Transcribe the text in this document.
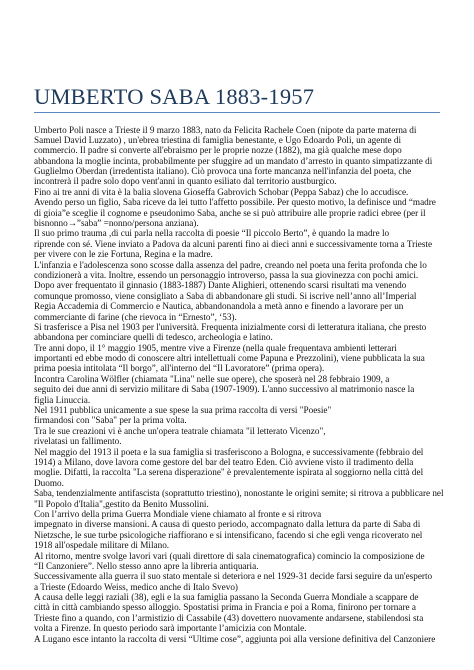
UMBERTO SABA 1883-1957
Umberto Poli nasce a Trieste il 9 marzo 1883, nato da Felicita Rachele Coen (nipote da parte materna di
Samuel David Luzzato) , un'ebrea triestina di famiglia benestante, e Ugo Edoardo Poli, un agente di
commercio. Il padre si converte all'ebraismo per le proprie nozze (1882), ma già qualche mese dopo
abbandona la moglie incinta, probabilmente per sfuggire ad un mandato d’arresto in quanto simpatizzante di
Guglielmo Oberdan (irredentista italiano). Ciò provoca una forte mancanza nell'infanzia del poeta, che
incontrerà il padre solo dopo vent'anni in quanto esiliato dal territorio austburgico.
Fino ai tre anni di vita è la balia slovena Gioseffa Gabrovich Schobar (Peppa Sabaz) che lo accudisce.
Avendo perso un figlio, Saba riceve da lei tutto l'affetto possibile. Per questo motivo, la definisce und “madre
di gioia”e sceglie il cognome e pseudonimo Saba, anche se si può attribuire alle proprie radici ebree (per il
bisnonno→”saba” =nonno/persona anziana).
Il suo primo trauma ,di cui parla nella raccolta di poesie “Il piccolo Berto”, è quando la madre lo
riprende con sé. Viene inviato a Padova da alcuni parenti fino ai dieci anni e successivamente torna a Trieste
per vivere con le zie Fortuna, Regina e la madre.
L'infanzia e l'adolescenza sono scosse dalla assenza del padre, creando nel poeta una ferita profonda che lo
condizionerà a vita. Inoltre, essendo un personaggio introverso, passa la sua giovinezza con pochi amici.
Dopo aver frequentato il ginnasio (1883-1887) Dante Alighieri, ottenendo scarsi risultati ma venendo
comunque promosso, viene consigliato a Saba di abbandonare gli studi. Si iscrive nell’anno all’Imperial
Regia Accademia di Commercio e Nautica, abbandonandola a metà anno e finendo a lavorare per un
commerciante di farine (che rievoca in “Ernesto”, ‘53).
Si trasferisce a Pisa nel 1903 per l'università. Frequenta inizialmente corsi di letteratura italiana, che presto
abbandona per cominciare quelli di tedesco, archeologia e latino.
Tre anni dopo, il 1° maggio 1905, mentre vive a Firenze (nella quale frequentava ambienti letterari
importanti ed ebbe modo di conoscere altri intellettuali come Papuna e Prezzolini), viene pubblicata la sua
prima poesia intitolata “Il borgo”, all'interno del “Il Lavoratore” (prima opera).
Incontra Carolina Wölfler (chiamata "Lina" nelle sue opere), che sposerà nel 28 febbraio 1909, a
seguito dei due anni di servizio militare di Saba (1907-1909). L'anno successivo al matrimonio nasce la
figlia Linuccia.
Nel 1911 pubblica unicamente a sue spese la sua prima raccolta di versi "Poesie"
firmandosi con "Saba" per la prima volta.
Tra le sue creazioni vi è anche un'opera teatrale chiamata "il letterato Vicenzo",
rivelatasi un fallimento.
Nel maggio del 1913 il poeta e la sua famiglia si trasferiscono a Bologna, e successivamente (febbraio del
1914) a Milano, dove lavora come gestore del bar del teatro Eden. Ciò avviene visto il tradimento della
moglie. Difatti, la raccolta "La serena disperazione" è prevalentemente ispirata al soggiorno nella città del
Duomo.
Saba, tendenzialmente antifascista (soprattutto triestino), nonostante le origini semite; si ritrova a pubblicare nel
"Il Popolo d'Italia",gestito da Benito Mussolini.
Con l’arrivo della prima Guerra Mondiale viene chiamato al fronte e si ritrova
impegnato in diverse mansioni. A causa di questo periodo, accompagnato dalla lettura da parte di Saba di
Nietzsche, le sue turbe psicologiche riaffiorano e si intensificano, facendo si che egli venga ricoverato nel
1918 all'ospedale militare di Milano.
Al ritorno, mentre svolge lavori vari (quali direttore di sala cinematografica) comincio la composizione de
“Il Canzoniere”. Nello stesso anno apre la libreria antiquaria.
Successivamente alla guerra il suo stato mentale si deteriora e nel 1929-31 decide farsi seguire da un'esperto
a Trieste (Edoardo Weiss, medico anche di Italo Svevo)
A causa delle leggi raziali (38), egli e la sua famiglia passano la Seconda Guerra Mondiale a scappare de
città in città cambiando spesso alloggio. Spostatisi prima in Francia e poi a Roma, finirono per tornare a
Trieste fino a quando, con l’armistizio di Cassabile (43) dovettero nuovamente andarsene, stabilendosi sta
volta a Firenze. In questo periodo sarà importante l’amicizia con Montale.
A Lugano esce intanto la raccolta di versi “Ultime cose”, aggiunta poi alla versione definitiva del Canzoniere
